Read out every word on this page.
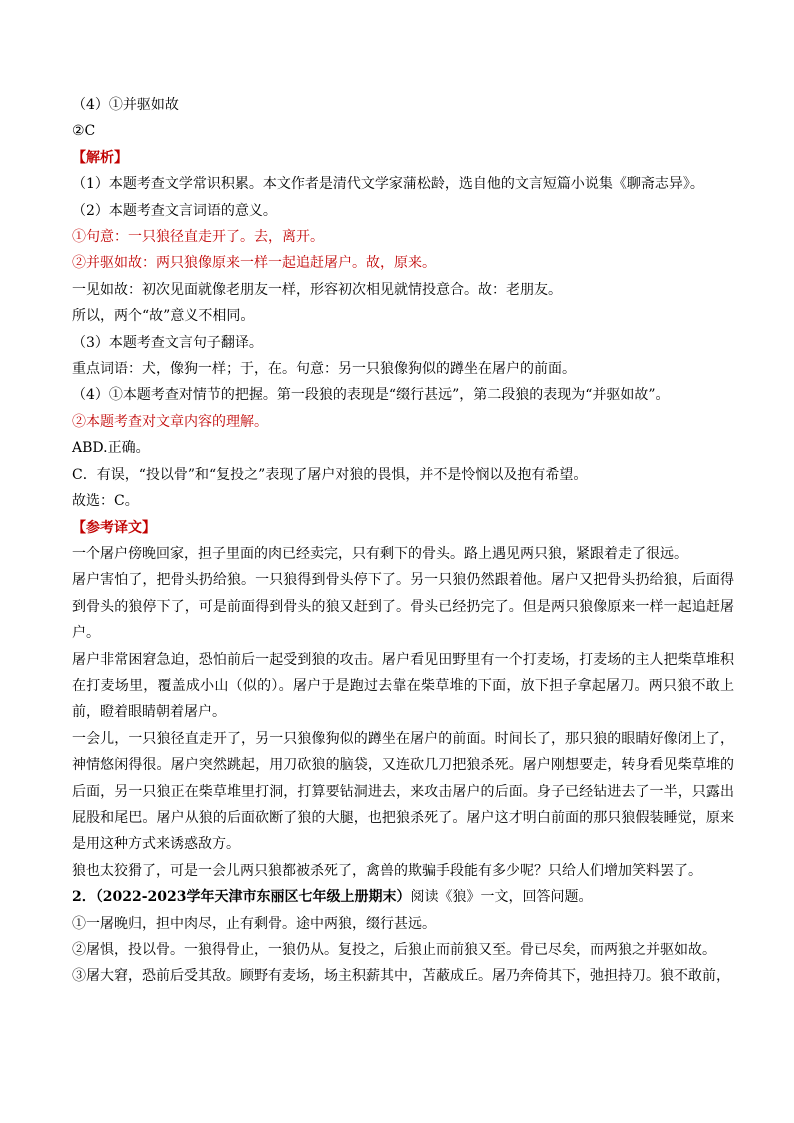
（4）①并驱如故

②C

【解析】

（1）本题考查文学常识积累。本文作者是清代文学家蒲松龄，选自他的文言短篇小说集《聊斋志异》。

（2）本题考查文言词语的意义。

①句意：一只狼径直走开了。去，离开。

②并驱如故：两只狼像原来一样一起追赶屠户。故，原来。

一见如故：初次见面就像老朋友一样，形容初次相见就情投意合。故：老朋友。

所以，两个“故”意义不相同。

（3）本题考查文言句子翻译。

重点词语：犬，像狗一样；于，在。句意：另一只狼像狗似的蹲坐在屠户的前面。

（4）①本题考查对情节的把握。第一段狼的表现是“缀行甚远”，第二段狼的表现为“并驱如故”。

②本题考查对文章内容的理解。

ABD.正确。

C．有误，“投以骨”和“复投之”表现了屠户对狼的畏惧，并不是怜悯以及抱有希望。

故选：C。

【参考译文】

一个屠户傍晚回家，担子里面的肉已经卖完，只有剩下的骨头。路上遇见两只狼，紧跟着走了很远。

屠户害怕了，把骨头扔给狼。一只狼得到骨头停下了。另一只狼仍然跟着他。屠户又把骨头扔给狼，后面得到骨头的狼停下了，可是前面得到骨头的狼又赶到了。骨头已经扔完了。但是两只狼像原来一样一起追赶屠户。

屠户非常困窘急迫，恐怕前后一起受到狼的攻击。屠户看见田野里有一个打麦场，打麦场的主人把柴草堆积在打麦场里，覆盖成小山（似的）。屠户于是跑过去靠在柴草堆的下面，放下担子拿起屠刀。两只狼不敢上前，瞪着眼睛朝着屠户。

一会儿，一只狼径直走开了，另一只狼像狗似的蹲坐在屠户的前面。时间长了，那只狼的眼睛好像闭上了，神情悠闲得很。屠户突然跳起，用刀砍狼的脑袋，又连砍几刀把狼杀死。屠户刚想要走，转身看见柴草堆的后面，另一只狼正在柴草堆里打洞，打算要钻洞进去，来攻击屠户的后面。身子已经钻进去了一半，只露出屁股和尾巴。屠户从狼的后面砍断了狼的大腿，也把狼杀死了。屠户这才明白前面的那只狼假装睡觉，原来是用这种方式来诱惑敌方。

狼也太狡猾了，可是一会儿两只狼都被杀死了，禽兽的欺骗手段能有多少呢？只给人们增加笑料罢了。

2．（2022-2023学年天津市东丽区七年级上册期末）阅读《狼》一文，回答问题。

①一屠晚归，担中肉尽，止有剩骨。途中两狼，缀行甚远。

②屠惧，投以骨。一狼得骨止，一狼仍从。复投之，后狼止而前狼又至。骨已尽矣，而两狼之并驱如故。

③屠大窘，恐前后受其敌。顾野有麦场，场主积薪其中，苫蔽成丘。屠乃奔倚其下，弛担持刀。狼不敢前，
